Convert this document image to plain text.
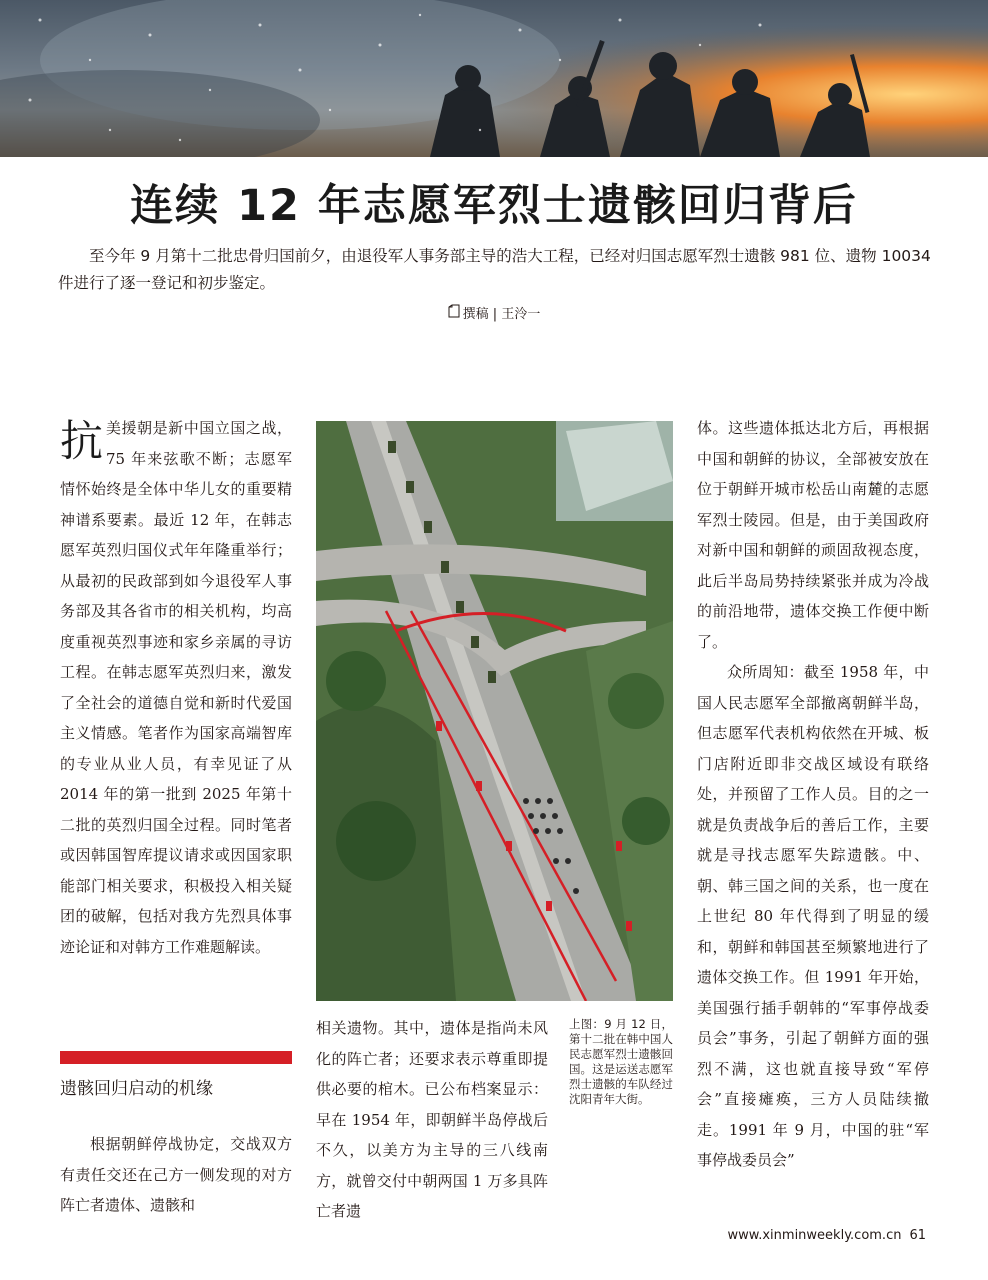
连续 12 年志愿军烈士遗骸回归背后
至今年 9 月第十二批忠骨归国前夕，由退役军人事务部主导的浩大工程，已经对归国志愿军烈士遗骸 981 位、遗物 10034 件进行了逐一登记和初步鉴定。
撰稿 | 王泠一
抗美援朝是新中国立国之战，75 年来弦歌不断；志愿军情怀始终是全体中华儿女的重要精神谱系要素。最近 12 年，在韩志愿军英烈归国仪式年年隆重举行；从最初的民政部到如今退役军人事务部及其各省市的相关机构，均高度重视英烈事迹和家乡亲属的寻访工程。在韩志愿军英烈归来，激发了全社会的道德自觉和新时代爱国主义情感。笔者作为国家高端智库的专业从业人员，有幸见证了从 2014 年的第一批到 2025 年第十二批的英烈归国全过程。同时笔者或因韩国智库提议请求或因国家职能部门相关要求，积极投入相关疑团的破解，包括对我方先烈具体事迹论证和对韩方工作难题解读。
遗骸回归启动的机缘
根据朝鲜停战协定，交战双方有责任交还在己方一侧发现的对方阵亡者遗体、遗骸和
上图：9 月 12 日，第十二批在韩中国人民志愿军烈士遗骸回国。这是运送志愿军烈士遗骸的车队经过沈阳青年大街。
相关遗物。其中，遗体是指尚未风化的阵亡者；还要求表示尊重即提供必要的棺木。已公布档案显示：早在 1954 年，即朝鲜半岛停战后不久，以美方为主导的三八线南方，就曾交付中朝两国 1 万多具阵亡者遗

体。这些遗体抵达北方后，再根据中国和朝鲜的协议，全部被安放在位于朝鲜开城市松岳山南麓的志愿军烈士陵园。但是，由于美国政府对新中国和朝鲜的顽固敌视态度，此后半岛局势持续紧张并成为冷战的前沿地带，遗体交换工作便中断了。

众所周知：截至 1958 年，中国人民志愿军全部撤离朝鲜半岛，但志愿军代表机构依然在开城、板门店附近即非交战区域设有联络处，并预留了工作人员。目的之一就是负责战争后的善后工作，主要就是寻找志愿军失踪遗骸。中、朝、韩三国之间的关系，也一度在上世纪 80 年代得到了明显的缓和，朝鲜和韩国甚至频繁地进行了遗体交换工作。但 1991 年开始，美国强行插手朝韩的“军事停战委员会”事务，引起了朝鲜方面的强烈不满，这也就直接导致“军停会”直接瘫痪，三方人员陆续撤走。1991 年 9 月，中国的驻“军事停战委员会”

www.xinminweekly.com.cn 61
